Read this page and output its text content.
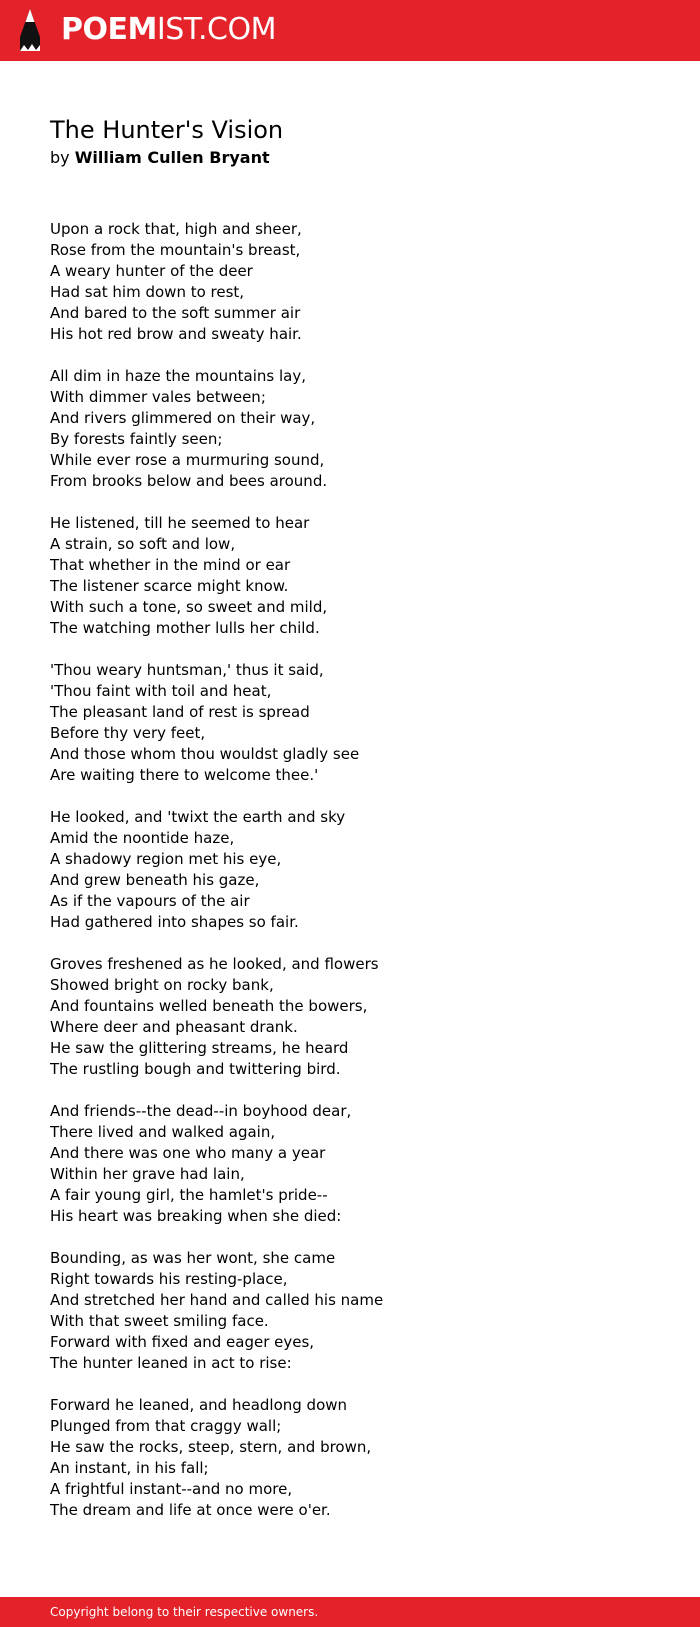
POEMIST.COM
The Hunter's Vision
by William Cullen Bryant
Upon a rock that, high and sheer,
Rose from the mountain's breast,
A weary hunter of the deer
Had sat him down to rest,
And bared to the soft summer air
His hot red brow and sweaty hair.
All dim in haze the mountains lay,
With dimmer vales between;
And rivers glimmered on their way,
By forests faintly seen;
While ever rose a murmuring sound,
From brooks below and bees around.
He listened, till he seemed to hear
A strain, so soft and low,
That whether in the mind or ear
The listener scarce might know.
With such a tone, so sweet and mild,
The watching mother lulls her child.
'Thou weary huntsman,' thus it said,
'Thou faint with toil and heat,
The pleasant land of rest is spread
Before thy very feet,
And those whom thou wouldst gladly see
Are waiting there to welcome thee.'
He looked, and 'twixt the earth and sky
Amid the noontide haze,
A shadowy region met his eye,
And grew beneath his gaze,
As if the vapours of the air
Had gathered into shapes so fair.
Groves freshened as he looked, and flowers
Showed bright on rocky bank,
And fountains welled beneath the bowers,
Where deer and pheasant drank.
He saw the glittering streams, he heard
The rustling bough and twittering bird.
And friends--the dead--in boyhood dear,
There lived and walked again,
And there was one who many a year
Within her grave had lain,
A fair young girl, the hamlet's pride--
His heart was breaking when she died:
Bounding, as was her wont, she came
Right towards his resting-place,
And stretched her hand and called his name
With that sweet smiling face.
Forward with fixed and eager eyes,
The hunter leaned in act to rise:
Forward he leaned, and headlong down
Plunged from that craggy wall;
He saw the rocks, steep, stern, and brown,
An instant, in his fall;
A frightful instant--and no more,
The dream and life at once were o'er.
Copyright belong to their respective owners.
